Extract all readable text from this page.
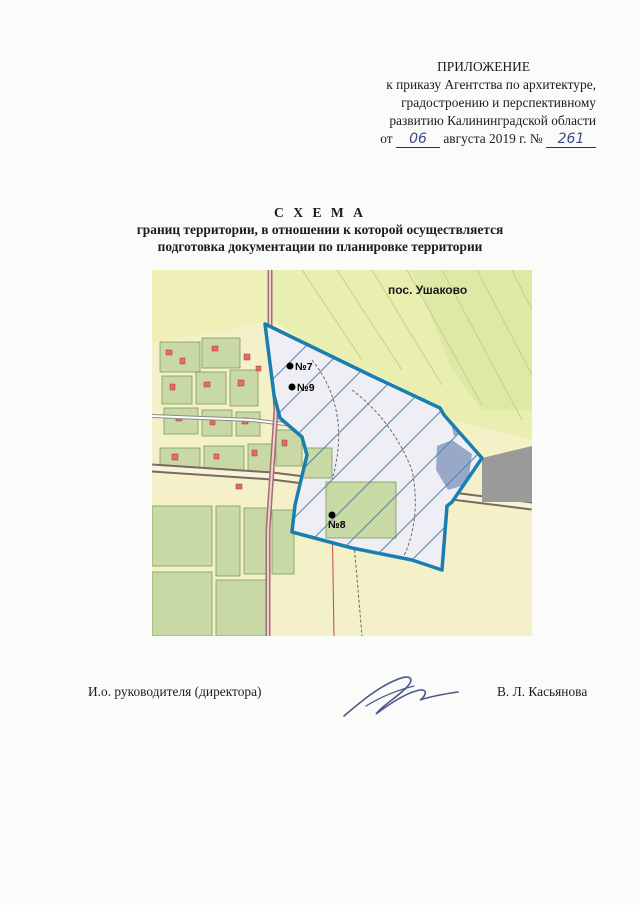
ПРИЛОЖЕНИЕ
к приказу Агентства по архитектуре,
градостроению и перспективному
развитию Калининградской области
от 06 августа 2019 г. № 261
С Х Е М А
границ территории, в отношении к которой осуществляется
подготовка документации по планировке территории
пос. Ушаково
№7
№9
№8
И.о. руководителя (директора)	В. Л. Касьянова
